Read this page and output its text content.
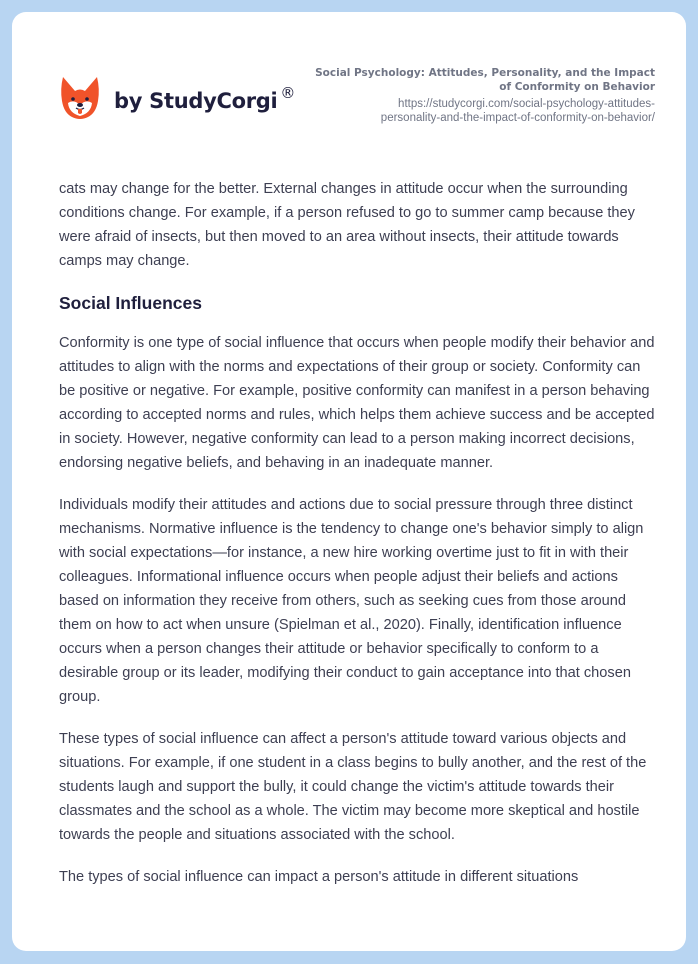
by StudyCorgi ®
Social Psychology: Attitudes, Personality, and the Impact
of Conformity on Behavior
https://studycorgi.com/social-psychology-attitudes-
personality-and-the-impact-of-conformity-on-behavior/

cats may change for the better. External changes in attitude occur when the surrounding conditions change. For example, if a person refused to go to summer camp because they were afraid of insects, but then moved to an area without insects, their attitude towards camps may change.

Social Influences

Conformity is one type of social influence that occurs when people modify their behavior and attitudes to align with the norms and expectations of their group or society. Conformity can be positive or negative. For example, positive conformity can manifest in a person behaving according to accepted norms and rules, which helps them achieve success and be accepted in society. However, negative conformity can lead to a person making incorrect decisions, endorsing negative beliefs, and behaving in an inadequate manner.

Individuals modify their attitudes and actions due to social pressure through three distinct mechanisms. Normative influence is the tendency to change one's behavior simply to align with social expectations—for instance, a new hire working overtime just to fit in with their colleagues. Informational influence occurs when people adjust their beliefs and actions based on information they receive from others, such as seeking cues from those around them on how to act when unsure (Spielman et al., 2020). Finally, identification influence occurs when a person changes their attitude or behavior specifically to conform to a desirable group or its leader, modifying their conduct to gain acceptance into that chosen group.

These types of social influence can affect a person's attitude toward various objects and situations. For example, if one student in a class begins to bully another, and the rest of the students laugh and support the bully, it could change the victim's attitude towards their classmates and the school as a whole. The victim may become more skeptical and hostile towards the people and situations associated with the school.

The types of social influence can impact a person's attitude in different situations
